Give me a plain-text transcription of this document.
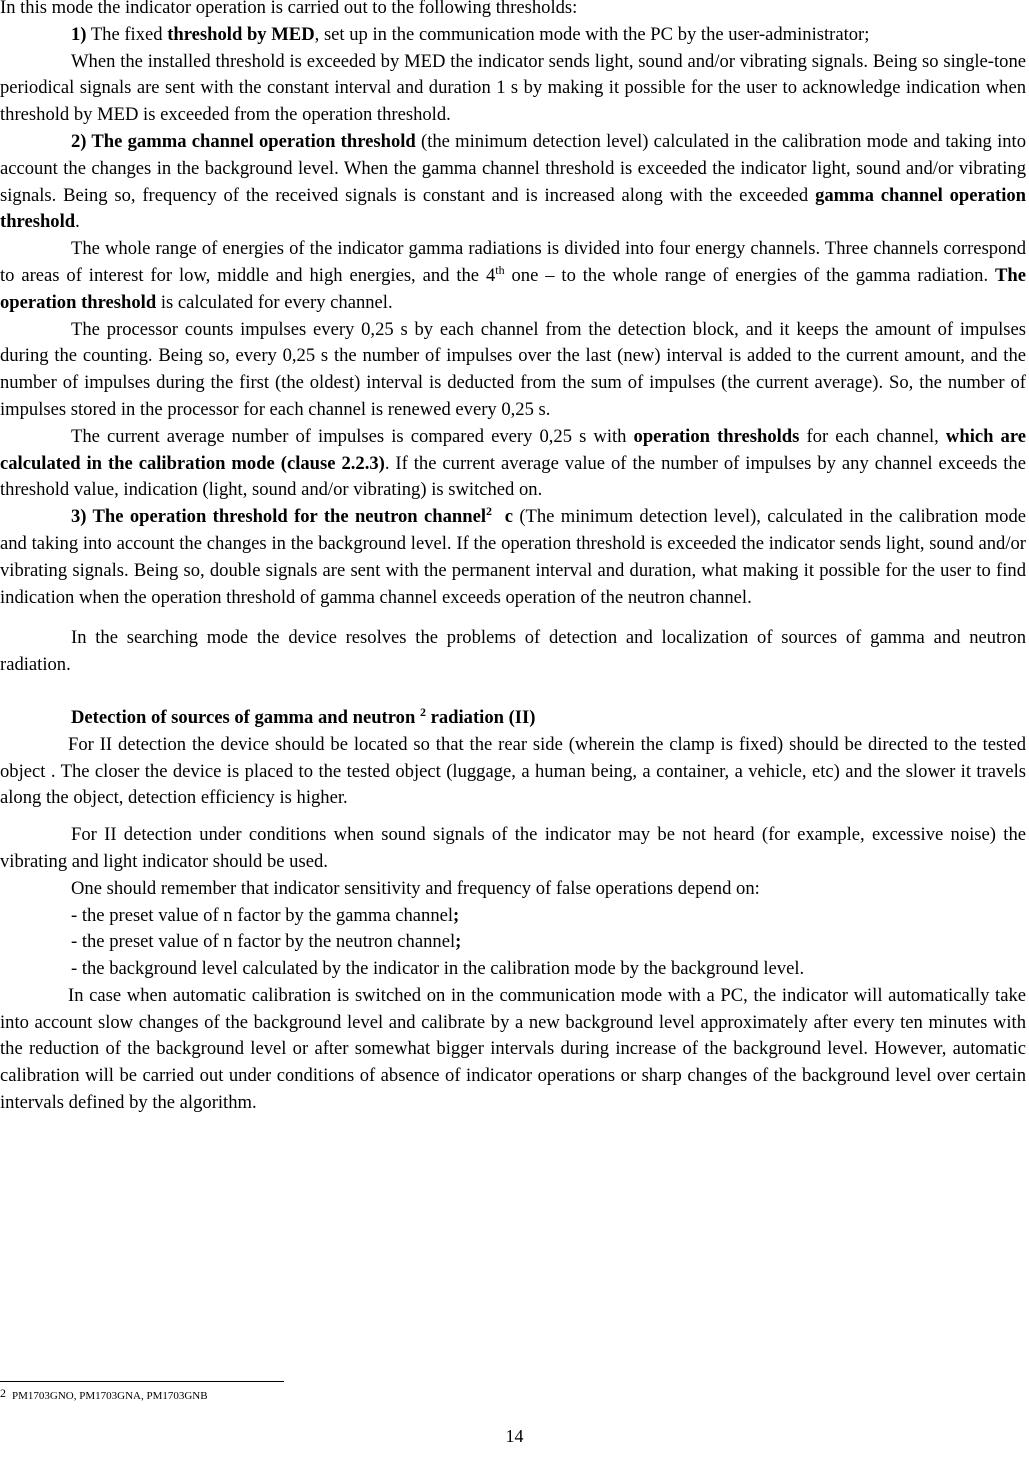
In this mode the indicator operation is carried out to the following thresholds:

1) The fixed threshold by MED, set up in the communication mode with the PC by the user-administrator;

When the installed threshold is exceeded by MED the indicator sends light, sound and/or vibrating signals. Being so single-tone periodical signals are sent with the constant interval and duration 1 s by making it possible for the user to acknowledge indication when threshold by MED is exceeded from the operation threshold.

2) The gamma channel operation threshold (the minimum detection level) calculated in the calibration mode and taking into account the changes in the background level. When the gamma channel threshold is exceeded the indicator light, sound and/or vibrating signals. Being so, frequency of the received signals is constant and is increased along with the exceeded gamma channel operation threshold.

The whole range of energies of the indicator gamma radiations is divided into four energy channels. Three channels correspond to areas of interest for low, middle and high energies, and the 4th one – to the whole range of energies of the gamma radiation. The operation threshold is calculated for every channel.

The processor counts impulses every 0,25 s by each channel from the detection block, and it keeps the amount of impulses during the counting. Being so, every 0,25 s the number of impulses over the last (new) interval is added to the current amount, and the number of impulses during the first (the oldest) interval is deducted from the sum of impulses (the current average). So, the number of impulses stored in the processor for each channel is renewed every 0,25 s.

The current average number of impulses is compared every 0,25 s with operation thresholds for each channel, which are calculated in the calibration mode (clause 2.2.3). If the current average value of the number of impulses by any channel exceeds the threshold value, indication (light, sound and/or vibrating) is switched on.

3) The operation threshold for the neutron channel$^2$ c (The minimum detection level), calculated in the calibration mode and taking into account the changes in the background level. If the operation threshold is exceeded the indicator sends light, sound and/or vibrating signals. Being so, double signals are sent with the permanent interval and duration, what making it possible for the user to find indication when the operation threshold of gamma channel exceeds operation of the neutron channel.

In the searching mode the device resolves the problems of detection and localization of sources of gamma and neutron radiation.

Detection of sources of gamma and neutron $^2$ radiation (II)

For II detection the device should be located so that the rear side (wherein the clamp is fixed) should be directed to the tested object . The closer the device is placed to the tested object (luggage, a human being, a container, a vehicle, etc) and the slower it travels along the object, detection efficiency is higher.

For II detection under conditions when sound signals of the indicator may be not heard (for example, excessive noise) the vibrating and light indicator should be used.

One should remember that indicator sensitivity and frequency of false operations depend on:

- the preset value of n factor by the gamma channel;

- the preset value of n factor by the neutron channel;

- the background level calculated by the indicator in the calibration mode by the background level.

In case when automatic calibration is switched on in the communication mode with a PC, the indicator will automatically take into account slow changes of the background level and calibrate by a new background level approximately after every ten minutes with the reduction of the background level or after somewhat bigger intervals during increase of the background level. However, automatic calibration will be carried out under conditions of absence of indicator operations or sharp changes of the background level over certain intervals defined by the algorithm.

$^2$ PM1703GNO, PM1703GNA, PM1703GNB
14
